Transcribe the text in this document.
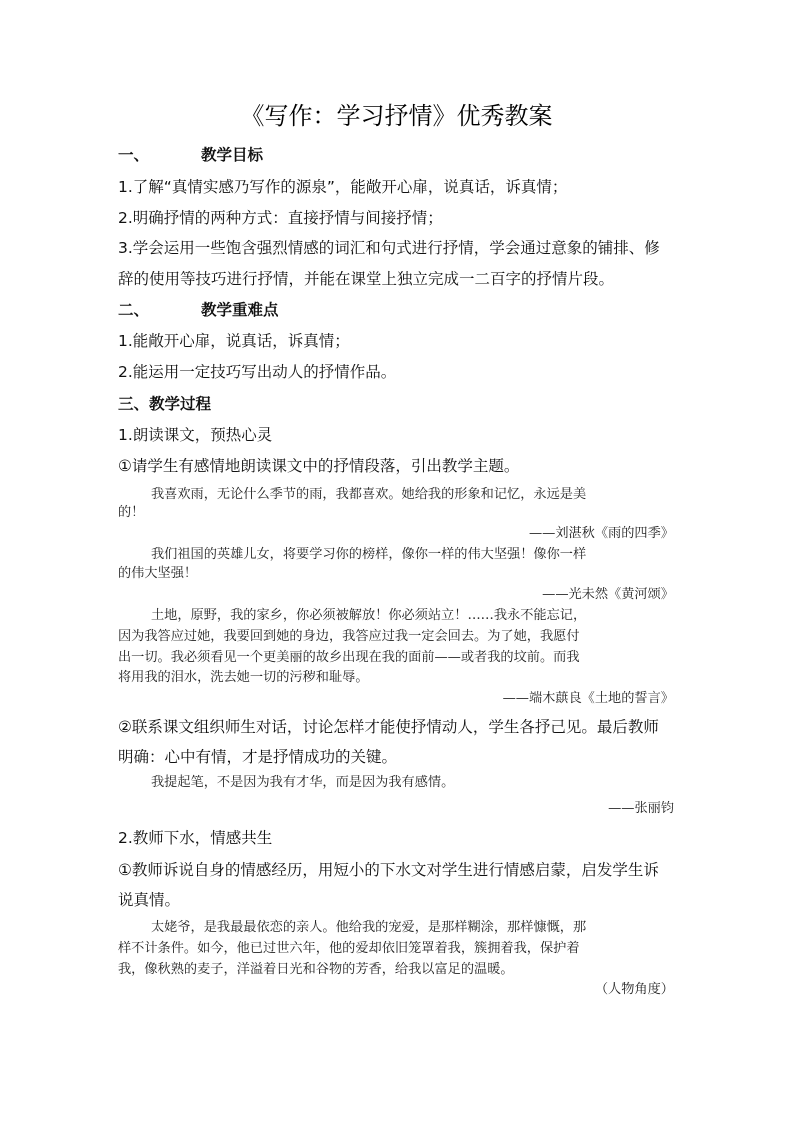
《写作：学习抒情》优秀教案
一、	教学目标
1.了解“真情实感乃写作的源泉”，能敞开心扉，说真话，诉真情；
2.明确抒情的两种方式：直接抒情与间接抒情；
3.学会运用一些饱含强烈情感的词汇和句式进行抒情，学会通过意象的铺排、修
辞的使用等技巧进行抒情，并能在课堂上独立完成一二百字的抒情片段。
二、	教学重难点
1.能敞开心扉，说真话，诉真情；
2.能运用一定技巧写出动人的抒情作品。
三、教学过程
1.朗读课文，预热心灵
①请学生有感情地朗读课文中的抒情段落，引出教学主题。
我喜欢雨，无论什么季节的雨，我都喜欢。她给我的形象和记忆，永远是美
的！
——刘湛秋《雨的四季》
我们祖国的英雄儿女，将要学习你的榜样，像你一样的伟大坚强！像你一样
的伟大坚强！
——光未然《黄河颂》
土地，原野，我的家乡，你必须被解放！你必须站立！……我永不能忘记，
因为我答应过她，我要回到她的身边，我答应过我一定会回去。为了她，我愿付
出一切。我必须看见一个更美丽的故乡出现在我的面前——或者我的坟前。而我
将用我的泪水，洗去她一切的污秽和耻辱。
——端木蕻良《土地的誓言》
②联系课文组织师生对话，讨论怎样才能使抒情动人，学生各抒己见。最后教师
明确：心中有情，才是抒情成功的关键。
我提起笔，不是因为我有才华，而是因为我有感情。
——张丽钧
2.教师下水，情感共生
①教师诉说自身的情感经历，用短小的下水文对学生进行情感启蒙，启发学生诉
说真情。
太姥爷，是我最最依恋的亲人。他给我的宠爱，是那样糊涂，那样慷慨，那
样不计条件。如今，他已过世六年，他的爱却依旧笼罩着我，簇拥着我，保护着
我，像秋熟的麦子，洋溢着日光和谷物的芳香，给我以富足的温暖。
（人物角度）
